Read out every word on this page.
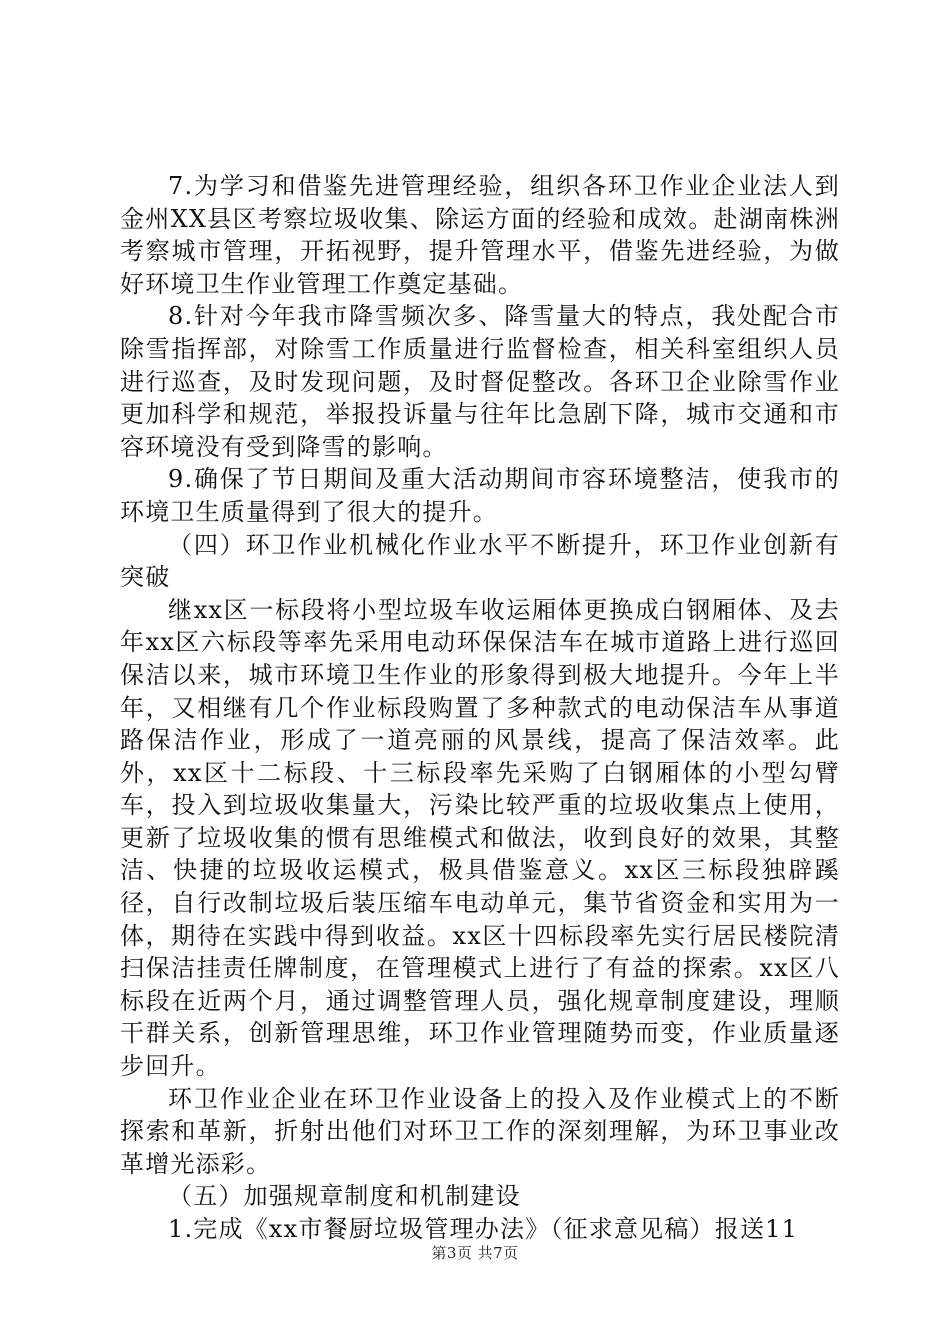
7.为学习和借鉴先进管理经验，组织各环卫作业企业法人到金州XX县区考察垃圾收集、除运方面的经验和成效。赴湖南株洲考察城市管理，开拓视野，提升管理水平，借鉴先进经验，为做好环境卫生作业管理工作奠定基础。

8.针对今年我市降雪频次多、降雪量大的特点，我处配合市除雪指挥部，对除雪工作质量进行监督检查，相关科室组织人员进行巡查，及时发现问题，及时督促整改。各环卫企业除雪作业更加科学和规范，举报投诉量与往年比急剧下降，城市交通和市容环境没有受到降雪的影响。

9.确保了节日期间及重大活动期间市容环境整洁，使我市的环境卫生质量得到了很大的提升。

（四）环卫作业机械化作业水平不断提升，环卫作业创新有突破

继xx区一标段将小型垃圾车收运厢体更换成白钢厢体、及去年xx区六标段等率先采用电动环保保洁车在城市道路上进行巡回保洁以来，城市环境卫生作业的形象得到极大地提升。今年上半年，又相继有几个作业标段购置了多种款式的电动保洁车从事道路保洁作业，形成了一道亮丽的风景线，提高了保洁效率。此外，xx区十二标段、十三标段率先采购了白钢厢体的小型勾臂车，投入到垃圾收集量大，污染比较严重的垃圾收集点上使用，更新了垃圾收集的惯有思维模式和做法，收到良好的效果，其整洁、快捷的垃圾收运模式，极具借鉴意义。xx区三标段独辟蹊径，自行改制垃圾后装压缩车电动单元，集节省资金和实用为一体，期待在实践中得到收益。xx区十四标段率先实行居民楼院清扫保洁挂责任牌制度，在管理模式上进行了有益的探索。xx区八标段在近两个月，通过调整管理人员，强化规章制度建设，理顺干群关系，创新管理思维，环卫作业管理随势而变，作业质量逐步回升。

环卫作业企业在环卫作业设备上的投入及作业模式上的不断探索和革新，折射出他们对环卫工作的深刻理解，为环卫事业改革增光添彩。

（五）加强规章制度和机制建设

1.完成《xx市餐厨垃圾管理办法》（征求意见稿）报送11

第3页 共7页
